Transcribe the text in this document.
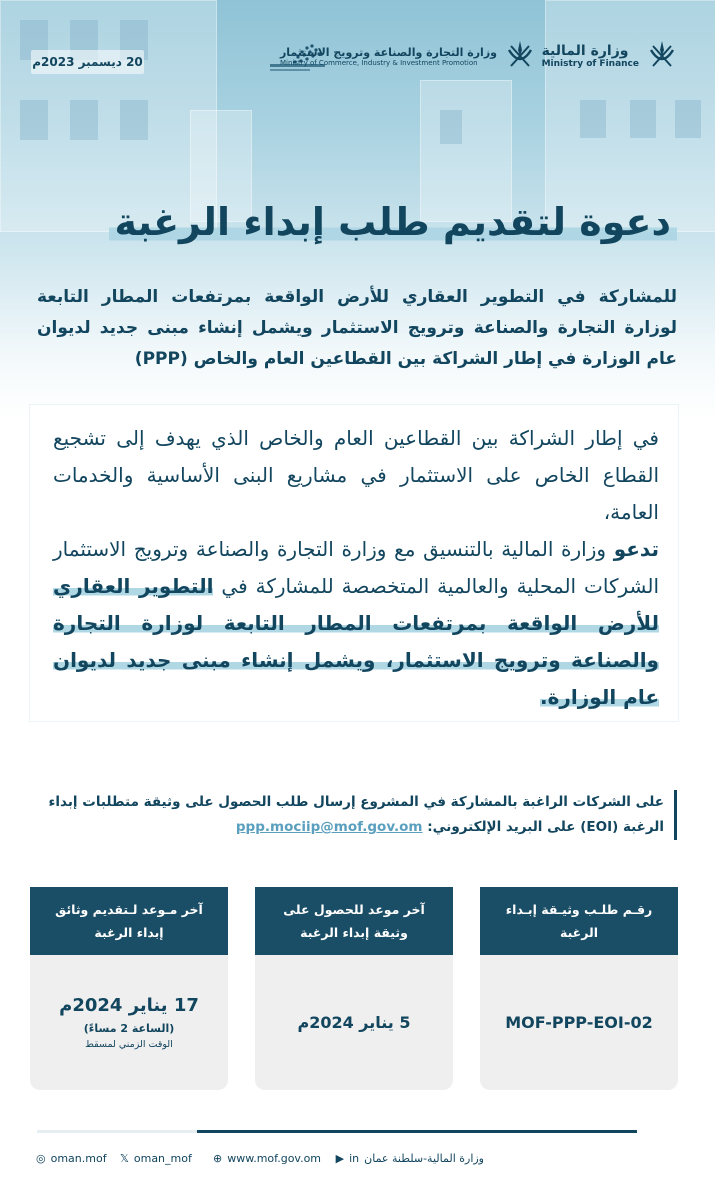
20 ديسمبر 2023م
وزارة التجارة والصناعة وترويج الاستثمار
Ministry of Commerce, Industry & Investment Promotion
وزارة المالية
Ministry of Finance
دعوة لتقديم طلب إبداء الرغبة
للمشاركة في التطوير العقاري للأرض الواقعة بمرتفعات المطار التابعة لوزارة التجارة والصناعة وترويج الاستثمار ويشمل إنشاء مبنى جديد لديوان عام الوزارة في إطار الشراكة بين القطاعين العام والخاص (PPP)
في إطار الشراكة بين القطاعين العام والخاص الذي يهدف إلى تشجيع القطاع الخاص على الاستثمار في مشاريع البنى الأساسية والخدمات العامة،
تدعو وزارة المالية بالتنسيق مع وزارة التجارة والصناعة وترويج الاستثمار الشركات المحلية والعالمية المتخصصة للمشاركة في التطوير العقاري للأرض الواقعة بمرتفعات المطار التابعة لوزارة التجارة والصناعة وترويج الاستثمار، ويشمل إنشاء مبنى جديد لديوان عام الوزارة.
على الشركات الراغبة بالمشاركة في المشروع إرسال طلب الحصول على وثيقة متطلبات إبداء الرغبة (EOI) على البريد الإلكتروني: ppp.mociip@mof.gov.om
رقـم طلـب وثيـقة إبـداء الرغبة
MOF-PPP-EOI-02
آخر موعد للحصول على وثيقة إبداء الرغبة
5 يناير 2024م
آخر مـوعد لـتقديم وثائق إبداء الرغبة
17 يناير 2024م
(الساعة 2 مساءً)
الوقت الزمني لمسقط
وزارة المالية-سلطنة عمان
in
▶
⊕ www.mof.gov.om
𝕏 oman_mof
◎ oman.mof
